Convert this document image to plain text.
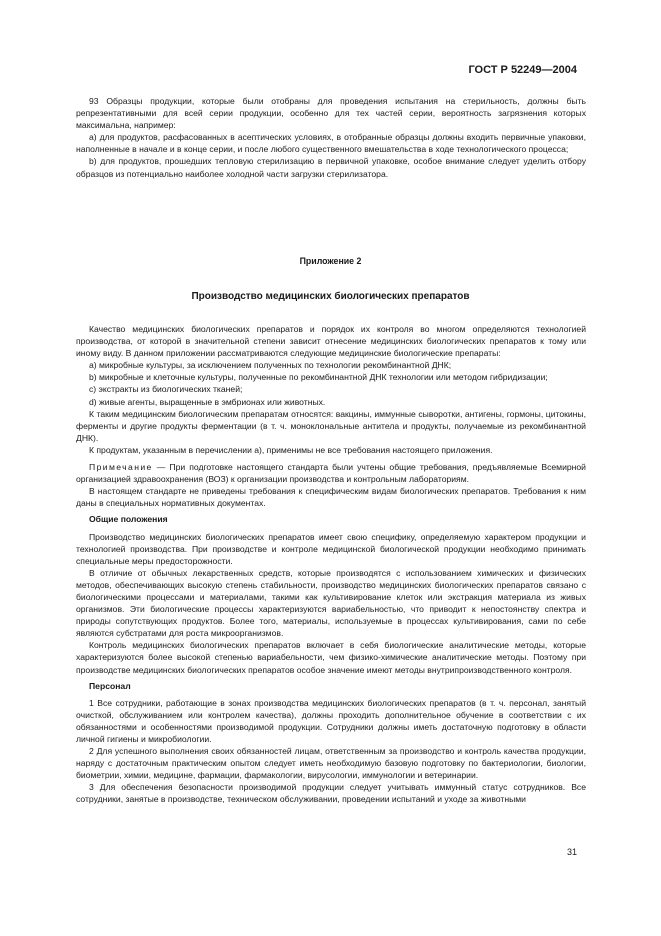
ГОСТ Р 52249—2004

93 Образцы продукции, которые были отобраны для проведения испытания на стерильность, должны быть репрезентативными для всей серии продукции, особенно для тех частей серии, вероятность загрязнения которых максимальна, например:

a) для продуктов, расфасованных в асептических условиях, в отобранные образцы должны входить первичные упаковки, наполненные в начале и в конце серии, и после любого существенного вмешательства в ходе технологического процесса;

b) для продуктов, прошедших тепловую стерилизацию в первичной упаковке, особое внимание следует уделить отбору образцов из потенциально наиболее холодной части загрузки стерилизатора.

Приложение 2
Производство медицинских биологических препаратов

Качество медицинских биологических препаратов и порядок их контроля во многом определяются технологией производства, от которой в значительной степени зависит отнесение медицинских биологических препаратов к тому или иному виду. В данном приложении рассматриваются следующие медицинские биологические препараты:

а) микробные культуры, за исключением полученных по технологии рекомбинантной ДНК;

b) микробные и клеточные культуры, полученные по рекомбинантной ДНК технологии или методом гибридизации;

c) экстракты из биологических тканей;

d) живые агенты, выращенные в эмбрионах или животных.

К таким медицинским биологическим препаратам относятся: вакцины, иммунные сыворотки, антигены, гормоны, цитокины, ферменты и другие продукты ферментации (в т. ч. моноклональные антитела и продукты, получаемые из рекомбинантной ДНК).

К продуктам, указанным в перечислении а), применимы не все требования настоящего приложения.

Примечание — При подготовке настоящего стандарта были учтены общие требования, предъявляемые Всемирной организацией здравоохранения (ВОЗ) к организации производства и контрольным лабораториям.

В настоящем стандарте не приведены требования к специфическим видам биологических препаратов. Требования к ним даны в специальных нормативных документах.

Общие положения

Производство медицинских биологических препаратов имеет свою специфику, определяемую характером продукции и технологией производства. При производстве и контроле медицинской биологической продукции необходимо принимать специальные меры предосторожности.

В отличие от обычных лекарственных средств, которые производятся с использованием химических и физических методов, обеспечивающих высокую степень стабильности, производство медицинских биологических препаратов связано с биологическими процессами и материалами, такими как культивирование клеток или экстракция материала из живых организмов. Эти биологические процессы характеризуются вариабельностью, что приводит к непостоянству спектра и природы сопутствующих продуктов. Более того, материалы, используемые в процессах культивирования, сами по себе являются субстратами для роста микроорганизмов.

Контроль медицинских биологических препаратов включает в себя биологические аналитические методы, которые характеризуются более высокой степенью вариабельности, чем физико-химические аналитические методы. Поэтому при производстве медицинских биологических препаратов особое значение имеют методы внутрипроизводственного контроля.

Персонал

1 Все сотрудники, работающие в зонах производства медицинских биологических препаратов (в т. ч. персонал, занятый очисткой, обслуживанием или контролем качества), должны проходить дополнительное обучение в соответствии с их обязанностями и особенностями производимой продукции. Сотрудники должны иметь достаточную подготовку в области личной гигиены и микробиологии.

2 Для успешного выполнения своих обязанностей лицам, ответственным за производство и контроль качества продукции, наряду с достаточным практическим опытом следует иметь необходимую базовую подготовку по бактериологии, биологии, биометрии, химии, медицине, фармации, фармакологии, вирусологии, иммунологии и ветеринарии.

3 Для обеспечения безопасности производимой продукции следует учитывать иммунный статус сотрудников. Все сотрудники, занятые в производстве, техническом обслуживании, проведении испытаний и уходе за животными

31
